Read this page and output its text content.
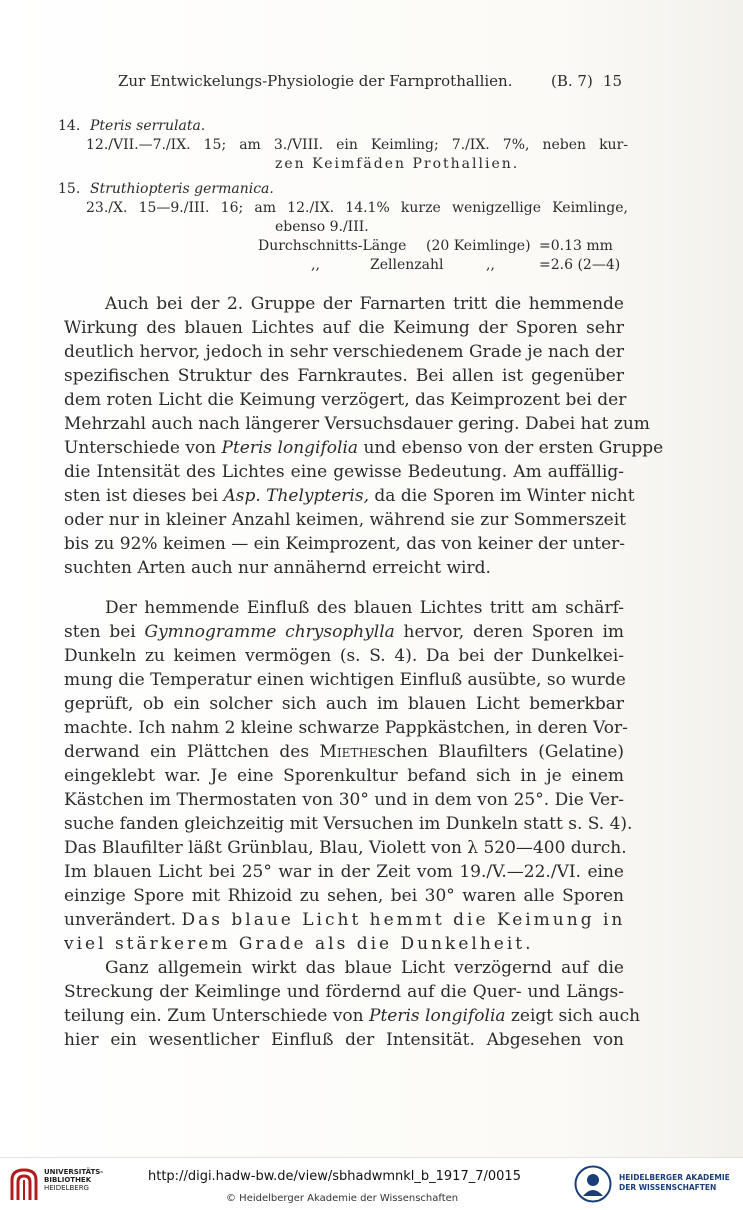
Zur Entwickelungs-Physiologie der Farnprothallien.	(B. 7) 15
14. Pteris serrulata.
12./VII.—7./IX. 15; am 3./VIII. ein Keimling; 7./IX. 7%, neben kur-
zen Keimfäden Prothallien.
15. Struthiopteris germanica.
23./X. 15—9./III. 16; am 12./IX. 14.1% kurze wenigzellige Keimlinge,
ebenso 9./III.
Durchschnitts-Länge (20 Keimlinge) =0.13 mm
,,	Zellenzahl	,,	=2.6 (2—4)
Auch bei der 2. Gruppe der Farnarten tritt die hemmende
Wirkung des blauen Lichtes auf die Keimung der Sporen sehr
deutlich hervor, jedoch in sehr verschiedenem Grade je nach der
spezifischen Struktur des Farnkrautes. Bei allen ist gegenüber
dem roten Licht die Keimung verzögert, das Keimprozent bei der
Mehrzahl auch nach längerer Versuchsdauer gering. Dabei hat zum
Unterschiede von Pteris longifolia und ebenso von der ersten Gruppe
die Intensität des Lichtes eine gewisse Bedeutung. Am auffällig-
sten ist dieses bei Asp. Thelypteris, da die Sporen im Winter nicht
oder nur in kleiner Anzahl keimen, während sie zur Sommerszeit
bis zu 92% keimen — ein Keimprozent, das von keiner der unter-
suchten Arten auch nur annähernd erreicht wird.
Der hemmende Einfluß des blauen Lichtes tritt am schärf-
sten bei Gymnogramme chrysophylla hervor, deren Sporen im
Dunkeln zu keimen vermögen (s. S. 4). Da bei der Dunkelkei-
mung die Temperatur einen wichtigen Einfluß ausübte, so wurde
geprüft, ob ein solcher sich auch im blauen Licht bemerkbar
machte. Ich nahm 2 kleine schwarze Pappkästchen, in deren Vor-
derwand ein Plättchen des Mietheschen Blaufilters (Gelatine)
eingeklebt war. Je eine Sporenkultur befand sich in je einem
Kästchen im Thermostaten von 30° und in dem von 25°. Die Ver-
suche fanden gleichzeitig mit Versuchen im Dunkeln statt s. S. 4).
Das Blaufilter läßt Grünblau, Blau, Violett von λ 520—400 durch.
Im blauen Licht bei 25° war in der Zeit vom 19./V.—22./VI. eine
einzige Spore mit Rhizoid zu sehen, bei 30° waren alle Sporen
unverändert. Das blaue Licht hemmt die Keimung in
viel stärkerem Grade als die Dunkelheit.
Ganz allgemein wirkt das blaue Licht verzögernd auf die
Streckung der Keimlinge und fördernd auf die Quer- und Längs-
teilung ein. Zum Unterschiede von Pteris longifolia zeigt sich auch
hier ein wesentlicher Einfluß der Intensität. Abgesehen von
UNIVERSITÄTS-
BIBLIOTHEK
HEIDELBERG
http://digi.hadw-bw.de/view/sbhadwmnkl_b_1917_7/0015
© Heidelberger Akademie der Wissenschaften
HEIDELBERGER AKADEMIE
DER WISSENSCHAFTEN
